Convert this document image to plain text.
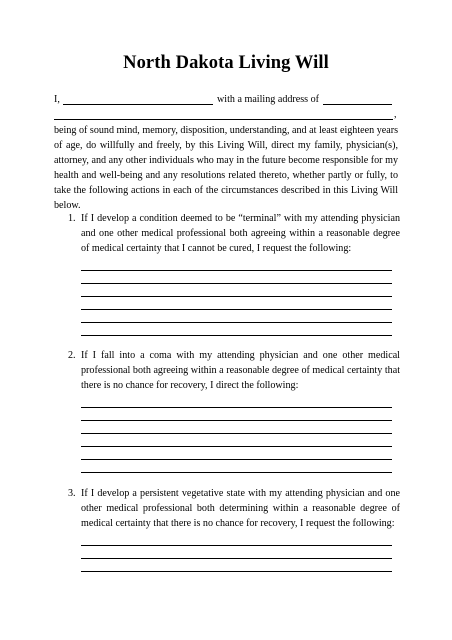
North Dakota Living Will
I,	with a mailing address of
,
being of sound mind, memory, disposition, understanding, and at least eighteen years of age, do willfully and freely, by this Living Will, direct my family, physician(s), attorney, and any other individuals who may in the future become responsible for my health and well-being and any resolutions related thereto, whether partly or fully, to take the following actions in each of the circumstances described in this Living Will below.
1. If I develop a condition deemed to be “terminal” with my attending physician and one other medical professional both agreeing within a reasonable degree of medical certainty that I cannot be cured, I request the following:
2. If I fall into a coma with my attending physician and one other medical professional both agreeing within a reasonable degree of medical certainty that there is no chance for recovery, I direct the following:
3. If I develop a persistent vegetative state with my attending physician and one other medical professional both determining within a reasonable degree of medical certainty that there is no chance for recovery, I request the following:
